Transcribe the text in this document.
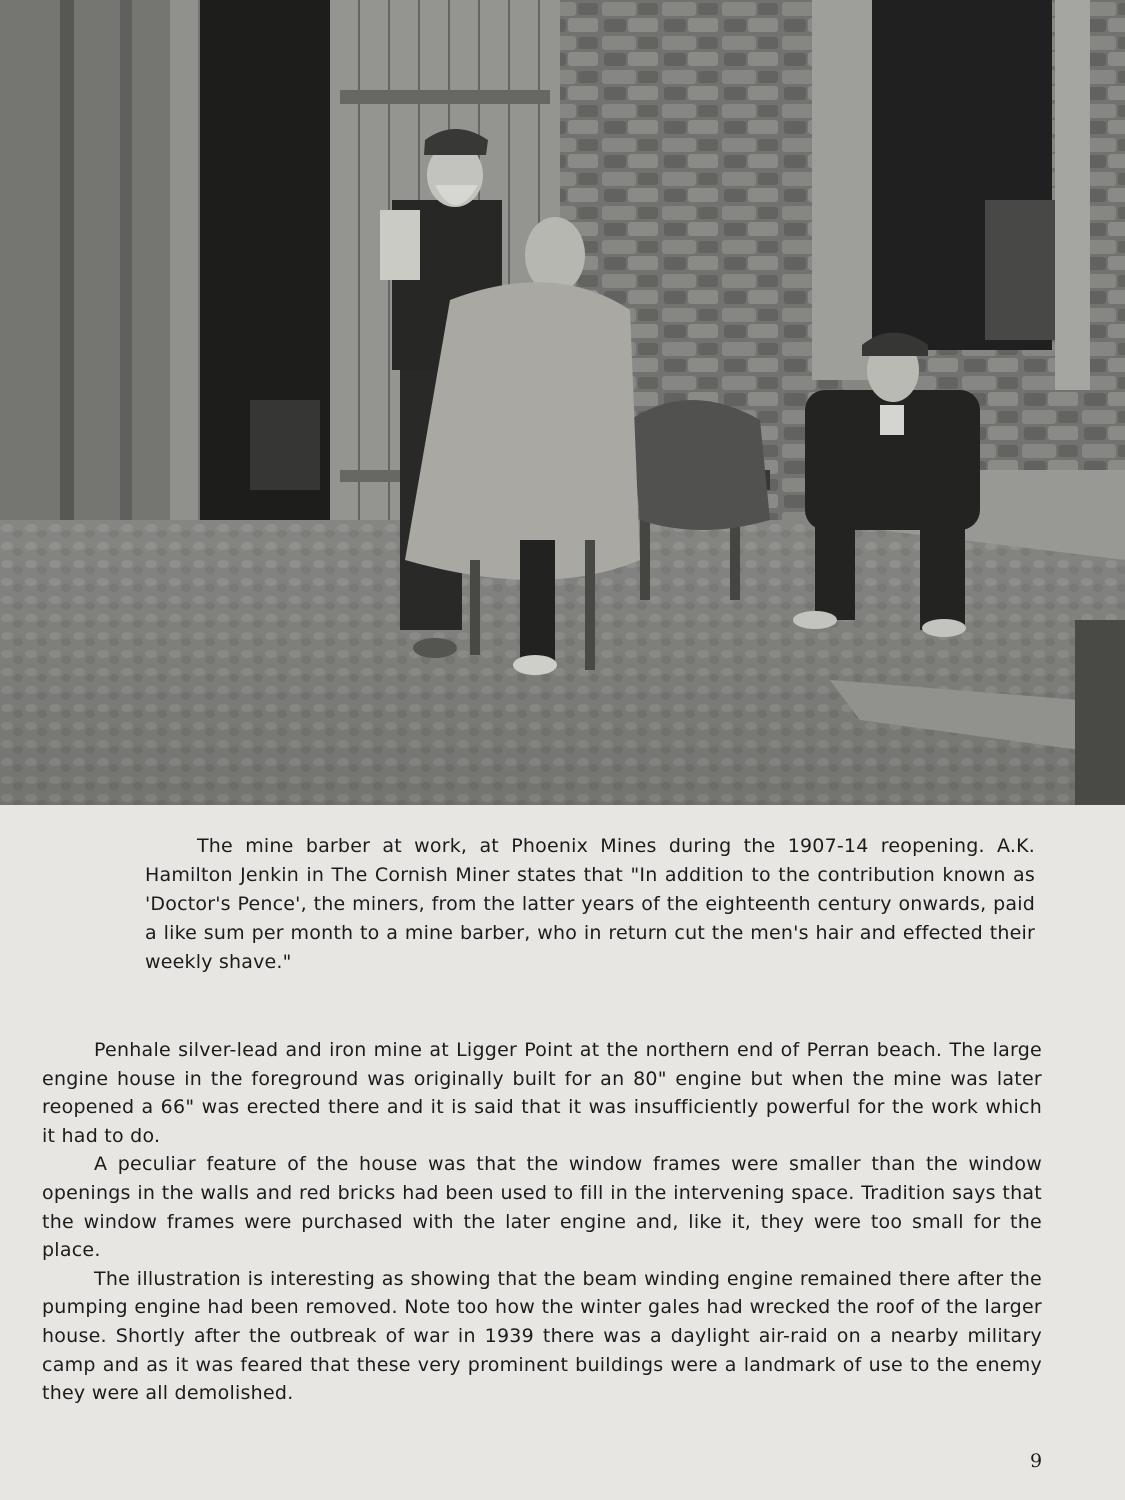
The mine barber at work, at Phoenix Mines during the 1907-14 reopening. A.K. Hamilton Jenkin in The Cornish Miner states that "In addition to the contribution known as 'Doctor's Pence', the miners, from the latter years of the eighteenth century onwards, paid a like sum per month to a mine barber, who in return cut the men's hair and effected their weekly shave."

Penhale silver-lead and iron mine at Ligger Point at the northern end of Perran beach. The large engine house in the foreground was originally built for an 80" engine but when the mine was later reopened a 66" was erected there and it is said that it was insufficiently powerful for the work which it had to do.

A peculiar feature of the house was that the window frames were smaller than the window openings in the walls and red bricks had been used to fill in the intervening space. Tradition says that the window frames were purchased with the later engine and, like it, they were too small for the place.

The illustration is interesting as showing that the beam winding engine remained there after the pumping engine had been removed. Note too how the winter gales had wrecked the roof of the larger house. Shortly after the outbreak of war in 1939 there was a daylight air-raid on a nearby military camp and as it was feared that these very prominent buildings were a landmark of use to the enemy they were all demolished.

9
